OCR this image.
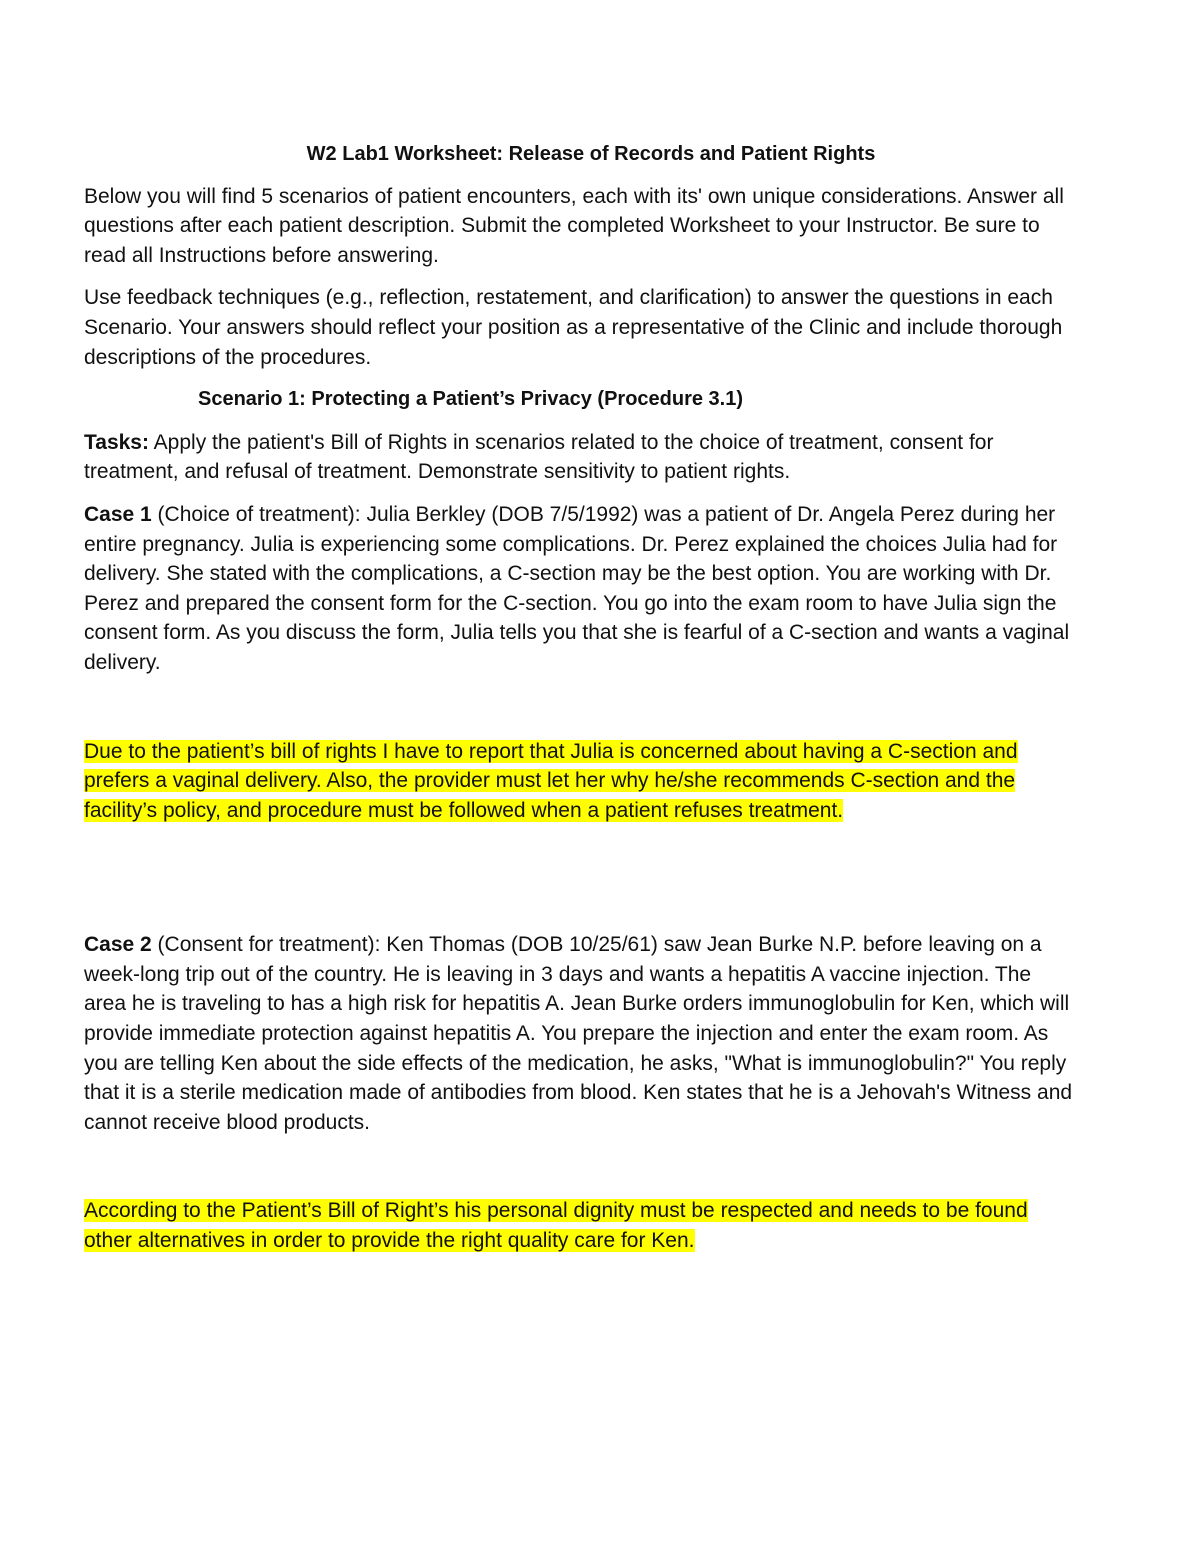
W2 Lab1 Worksheet: Release of Records and Patient Rights

Below you will find 5 scenarios of patient encounters, each with its' own unique considerations. Answer all questions after each patient description. Submit the completed Worksheet to your Instructor. Be sure to read all Instructions before answering.

Use feedback techniques (e.g., reflection, restatement, and clarification) to answer the questions in each Scenario. Your answers should reflect your position as a representative of the Clinic and include thorough descriptions of the procedures.

Scenario 1: Protecting a Patient’s Privacy (Procedure 3.1)

Tasks: Apply the patient's Bill of Rights in scenarios related to the choice of treatment, consent for treatment, and refusal of treatment. Demonstrate sensitivity to patient rights.

Case 1 (Choice of treatment): Julia Berkley (DOB 7/5/1992) was a patient of Dr. Angela Perez during her entire pregnancy. Julia is experiencing some complications. Dr. Perez explained the choices Julia had for delivery. She stated with the complications, a C-section may be the best option. You are working with Dr. Perez and prepared the consent form for the C-section. You go into the exam room to have Julia sign the consent form. As you discuss the form, Julia tells you that she is fearful of a C-section and wants a vaginal delivery.

Due to the patient’s bill of rights I have to report that Julia is concerned about having a C-section and prefers a vaginal delivery. Also, the provider must let her why he/she recommends C-section and the facility’s policy, and procedure must be followed when a patient refuses treatment.

Case 2 (Consent for treatment): Ken Thomas (DOB 10/25/61) saw Jean Burke N.P. before leaving on a week-long trip out of the country. He is leaving in 3 days and wants a hepatitis A vaccine injection. The area he is traveling to has a high risk for hepatitis A. Jean Burke orders immunoglobulin for Ken, which will provide immediate protection against hepatitis A. You prepare the injection and enter the exam room. As you are telling Ken about the side effects of the medication, he asks, "What is immunoglobulin?" You reply that it is a sterile medication made of antibodies from blood. Ken states that he is a Jehovah's Witness and cannot receive blood products.

According to the Patient’s Bill of Right’s his personal dignity must be respected and needs to be found other alternatives in order to provide the right quality care for Ken.
